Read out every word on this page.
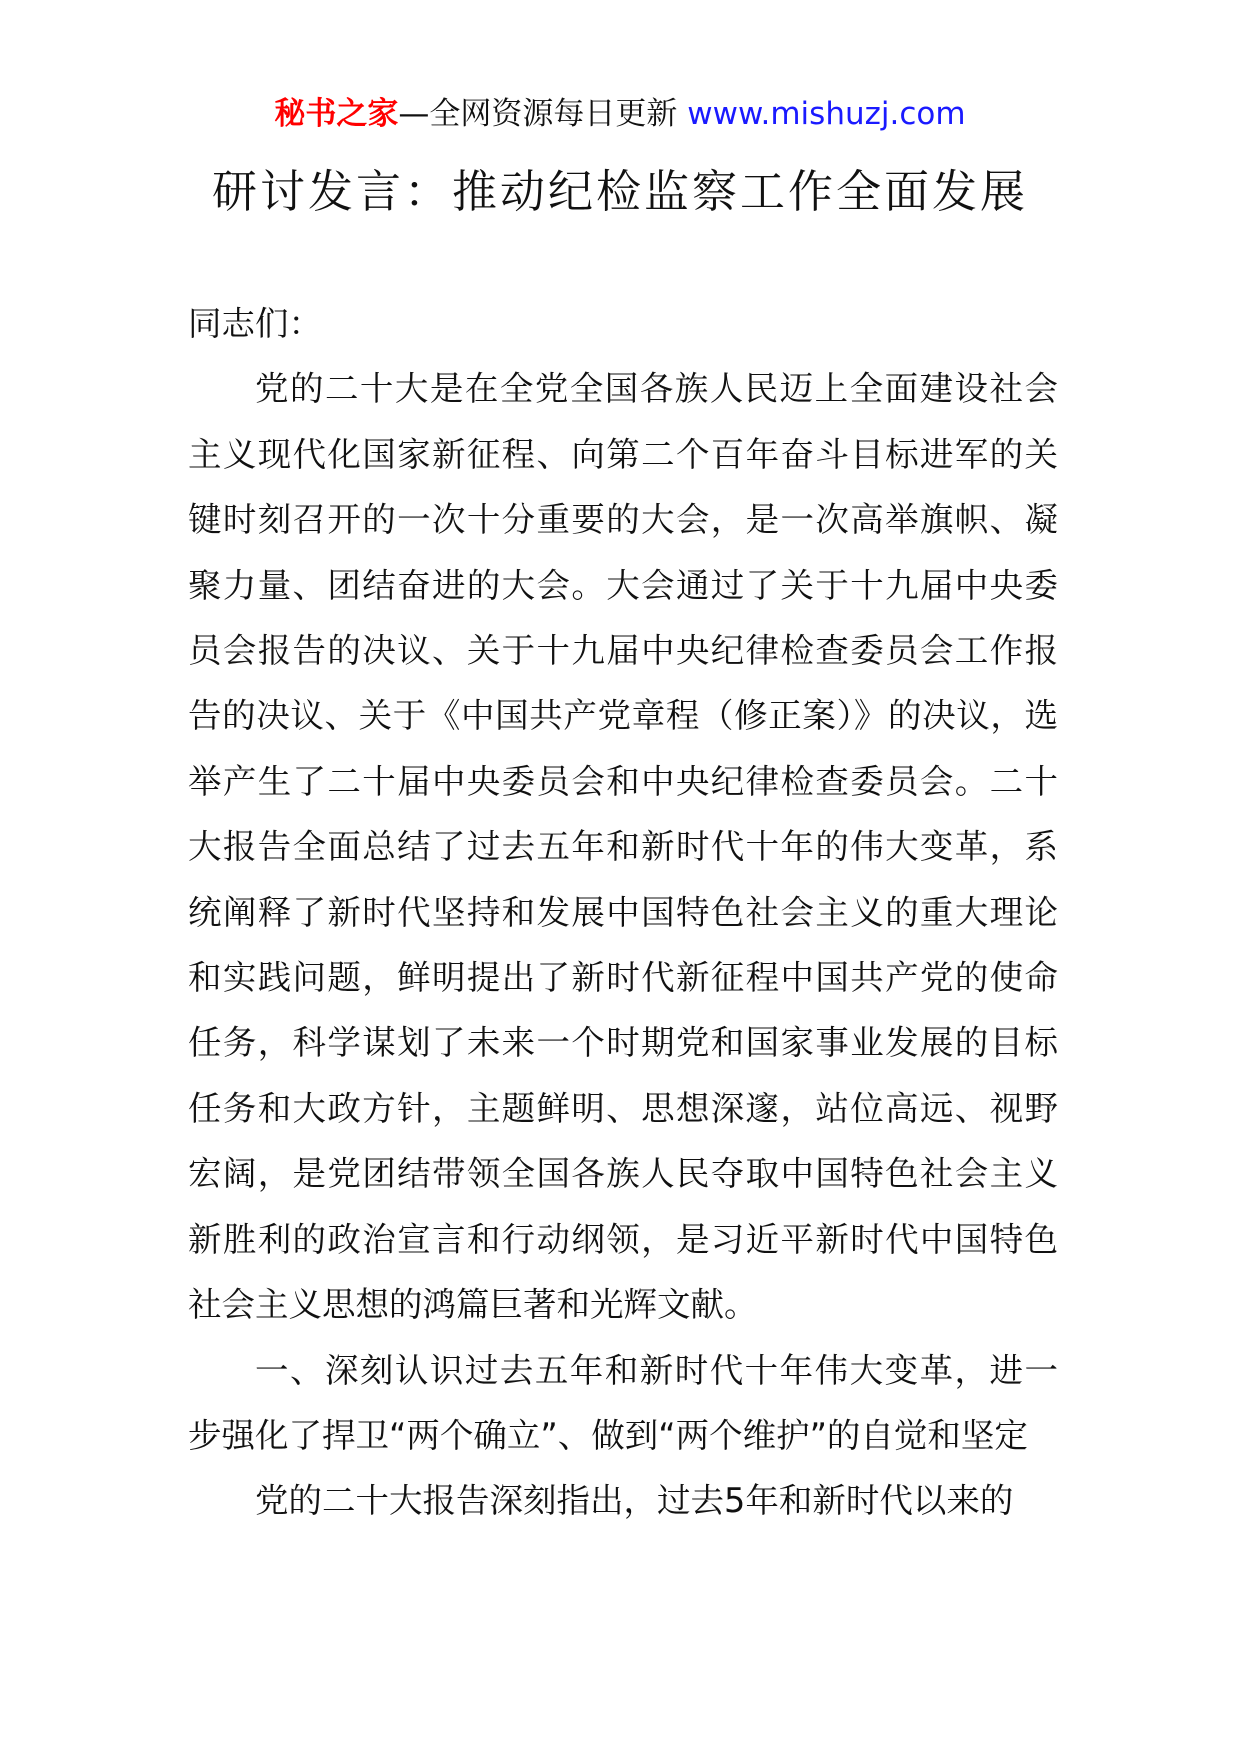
秘书之家—全网资源每日更新 www.mishuzj.com
研讨发言：推动纪检监察工作全面发展

同志们：

党的二十大是在全党全国各族人民迈上全面建设社会主义现代化国家新征程、向第二个百年奋斗目标进军的关键时刻召开的一次十分重要的大会，是一次高举旗帜、凝聚力量、团结奋进的大会。大会通过了关于十九届中央委员会报告的决议、关于十九届中央纪律检查委员会工作报告的决议、关于《中国共产党章程（修正案）》的决议，选举产生了二十届中央委员会和中央纪律检查委员会。二十大报告全面总结了过去五年和新时代十年的伟大变革，系统阐释了新时代坚持和发展中国特色社会主义的重大理论和实践问题，鲜明提出了新时代新征程中国共产党的使命任务，科学谋划了未来一个时期党和国家事业发展的目标任务和大政方针，主题鲜明、思想深邃，站位高远、视野宏阔，是党团结带领全国各族人民夺取中国特色社会主义新胜利的政治宣言和行动纲领，是习近平新时代中国特色社会主义思想的鸿篇巨著和光辉文献。

一、深刻认识过去五年和新时代十年伟大变革，进一步强化了捍卫“两个确立”、做到“两个维护”的自觉和坚定

党的二十大报告深刻指出，过去5年和新时代以来的
